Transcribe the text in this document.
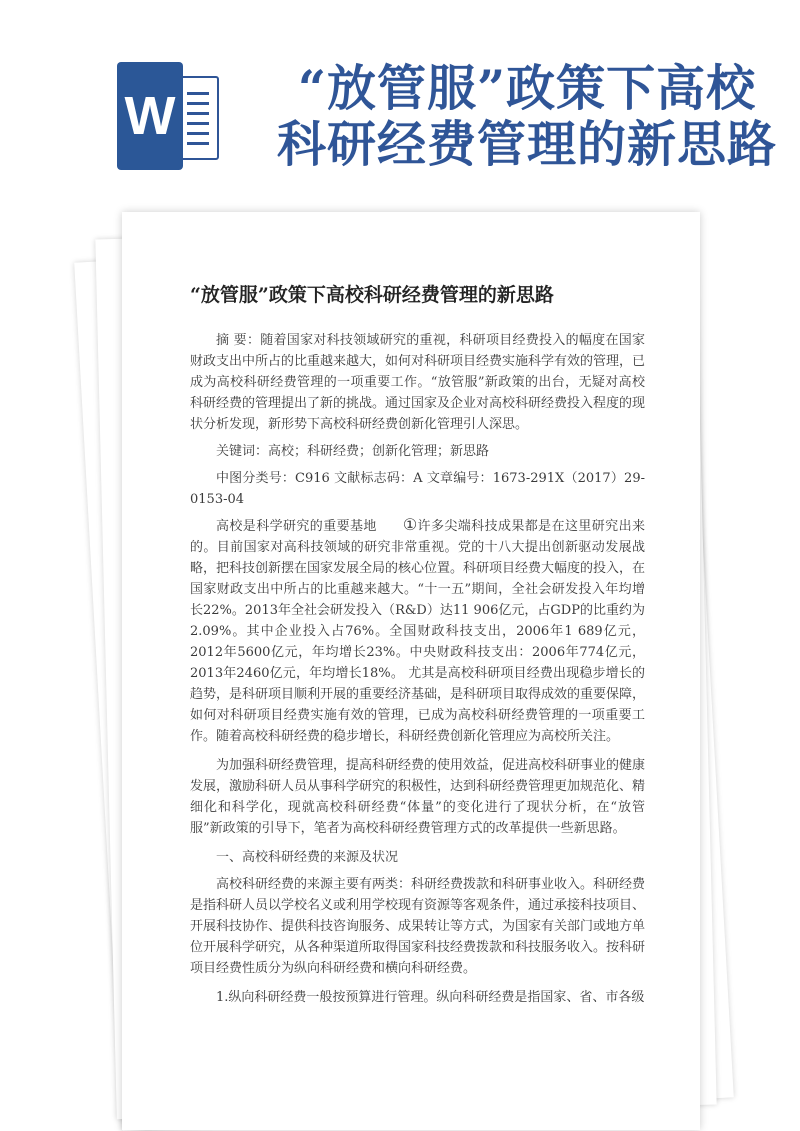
W	“放管服”政策下高校
科研经费管理的新思路
“放管服”政策下高校科研经费管理的新思路

摘 要：随着国家对科技领域研究的重视，科研项目经费投入的幅度在国家财政支出中所占的比重越来越大，如何对科研项目经费实施科学有效的管理，已成为高校科研经费管理的一项重要工作。“放管服”新政策的出台，无疑对高校科研经费的管理提出了新的挑战。通过国家及企业对高校科研经费投入程度的现状分析发现，新形势下高校科研经费创新化管理引人深思。

关键词：高校；科研经费；创新化管理；新思路

中图分类号：C916 文献标志码：A 文章编号：1673-291X（2017）29-0153-04

高校是科学研究的重要基地 ①许多尖端科技成果都是在这里研究出来的。目前国家对高科技领域的研究非常重视。党的十八大提出创新驱动发展战略，把科技创新摆在国家发展全局的核心位置。科研项目经费大幅度的投入，在国家财政支出中所占的比重越来越大。“十一五”期间，全社会研发投入年均增长22%。2013年全社会研发投入（R&D）达11 906亿元，占GDP的比重约为2.09%。其中企业投入占76%。全国财政科技支出，2006年1 689亿元，2012年5600亿元，年均增长23%。中央财政科技支出：2006年774亿元，2013年2460亿元，年均增长18%。 尤其是高校科研项目经费出现稳步增长的趋势，是科研项目顺利开展的重要经济基础，是科研项目取得成效的重要保障，如何对科研项目经费实施有效的管理，已成为高校科研经费管理的一项重要工作。随着高校科研经费的稳步增长，科研经费创新化管理应为高校所关注。

为加强科研经费管理，提高科研经费的使用效益，促进高校科研事业的健康发展，激励科研人员从事科学研究的积极性，达到科研经费管理更加规范化、精细化和科学化，现就高校科研经费“体量”的变化进行了现状分析，在“放管服”新政策的引导下，笔者为高校科研经费管理方式的改革提供一些新思路。

一、高校科研经费的来源及状况

高校科研经费的来源主要有两类：科研经费拨款和科研事业收入。科研经费是指科研人员以学校名义或利用学校现有资源等客观条件，通过承接科技项目、开展科技协作、提供科技咨询服务、成果转让等方式，为国家有关部门或地方单位开展科学研究，从各种渠道所取得国家科技经费拨款和科技服务收入。按科研项目经费性质分为纵向科研经费和横向科研经费。

1.纵向科研经费一般按预算进行管理。纵向科研经费是指国家、省、市各级
